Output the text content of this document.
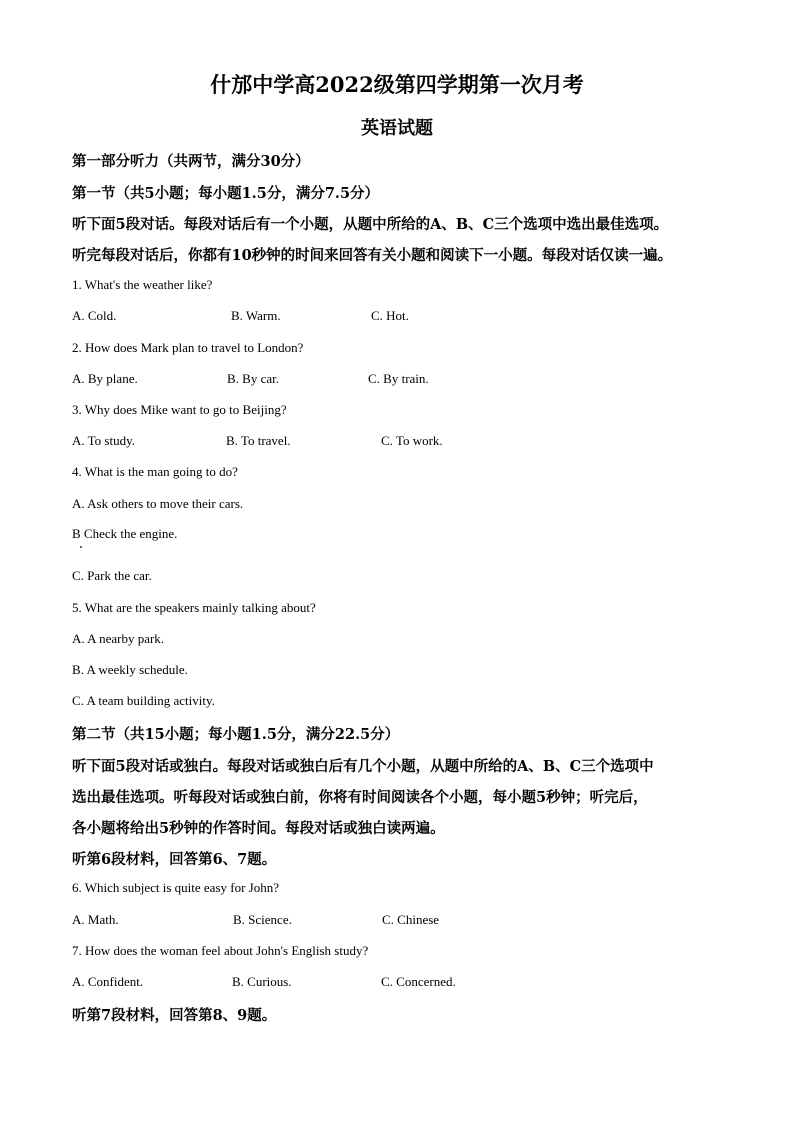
什邡中学高2022级第四学期第一次月考
英语试题
第一部分听力（共两节，满分30分）
第一节（共5小题；每小题1.5分，满分7.5分）
听下面5段对话。每段对话后有一个小题，从题中所给的A、B、C三个选项中选出最佳选项。
听完每段对话后，你都有10秒钟的时间来回答有关小题和阅读下一小题。每段对话仅读一遍。
1. What's the weather like?
A. Cold.	B. Warm.	C. Hot.
2. How does Mark plan to travel to London?
A. By plane.	B. By car.	C. By train.
3. Why does Mike want to go to Beijing?
A. To study.	B. To travel.	C. To work.
4. What is the man going to do?
A. Ask others to move their cars.
B Check the engine.
C. Park the car.
5. What are the speakers mainly talking about?
A. A nearby park.
B. A weekly schedule.
C. A team building activity.
第二节（共15小题；每小题1.5分，满分22.5分）
听下面5段对话或独白。每段对话或独白后有几个小题，从题中所给的A、B、C三个选项中
选出最佳选项。听每段对话或独白前，你将有时间阅读各个小题，每小题5秒钟；听完后，
各小题将给出5秒钟的作答时间。每段对话或独白读两遍。
听第6段材料，回答第6、7题。
6. Which subject is quite easy for John?
A. Math.	B. Science.	C. Chinese
7. How does the woman feel about John's English study?
A. Confident.	B. Curious.	C. Concerned.
听第7段材料，回答第8、9题。
